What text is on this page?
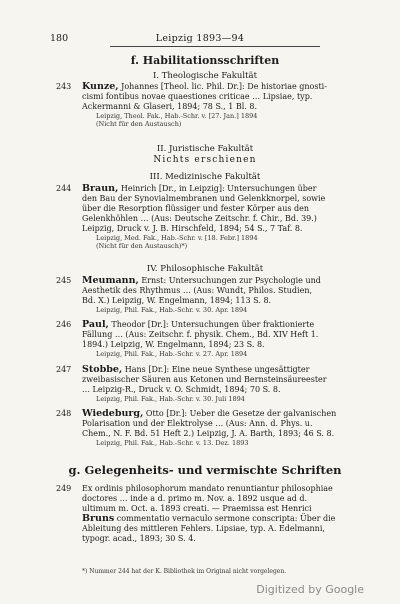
180	Leipzig 1893—94
f. Habilitationsschriften
I. Theologische Fakultät
243 Kunze, Johannes [Theol. lic. Phil. Dr.]: De historiae gnosti-
cismi fontibus novae quaestiones criticae … Lipsiae, typ.
Ackermanni & Glaseri, 1894; 78 S., 1 Bl. 8.
Leipzig, Theol. Fak., Hab.-Schr. v. [27. Jan.] 1894
(Nicht für den Austausch)
II. Juristische Fakultät
Nichts erschienen
III. Medizinische Fakultät
244 Braun, Heinrich [Dr., in Leipzig]: Untersuchungen über
den Bau der Synovialmembranen und Gelenkknorpel, sowie
über die Resorption flüssiger und fester Körper aus den
Gelenkhöhlen … (Aus: Deutsche Zeitschr. f. Chir., Bd. 39.)
Leipzig, Druck v. J. B. Hirschfeld, 1894; 54 S., 7 Taf. 8.
Leipzig, Med. Fak., Hab.-Schr. v. [18. Febr.] 1894
(Nicht für den Austausch)*)
IV. Philosophische Fakultät
245 Meumann, Ernst: Untersuchungen zur Psychologie und
Aesthetik des Rhythmus … (Aus: Wundt, Philos. Studien,
Bd. X.) Leipzig, W. Engelmann, 1894; 113 S. 8.
Leipzig, Phil. Fak., Hab.-Schr. v. 30. Apr. 1894
246 Paul, Theodor [Dr.]: Untersuchungen über fraktionierte
Fällung … (Aus: Zeitschr. f. physik. Chem., Bd. XIV Heft 1.
1894.) Leipzig, W. Engelmann, 1894; 23 S. 8.
Leipzig, Phil. Fak., Hab.-Schr. v. 27. Apr. 1894
247 Stobbe, Hans [Dr.]: Eine neue Synthese ungesättigter
zweibasischer Säuren aus Ketonen und Bernsteinsäureester
… Leipzig-R., Druck v. O. Schmidt, 1894; 70 S. 8.
Leipzig, Phil. Fak., Hab.-Schr. v. 30. Juli 1894
248 Wiedeburg, Otto [Dr.]: Ueber die Gesetze der galvanischen
Polarisation und der Elektrolyse … (Aus: Ann. d. Phys. u.
Chem., N. F. Bd. 51 Heft 2.) Leipzig, J. A. Barth, 1893; 46 S. 8.
Leipzig, Phil. Fak., Hab.-Schr. v. 13. Dez. 1893
g. Gelegenheits- und vermischte Schriften
249 Ex ordinis philosophorum mandato renuntiantur philosophiae
doctores … inde a d. primo m. Nov. a. 1892 usque ad d.
ultimum m. Oct. a. 1893 creati. — Praemissa est Henrici
Bruns commentatio vernaculo sermone conscripta: Über die
Ableitung des mittleren Fehlers. Lipsiae, typ. A. Edelmanni,
typogr. acad., 1893; 30 S. 4.
*) Nummer 244 hat der K. Bibliothek im Original nicht vorgelegen.
Digitized by Google
